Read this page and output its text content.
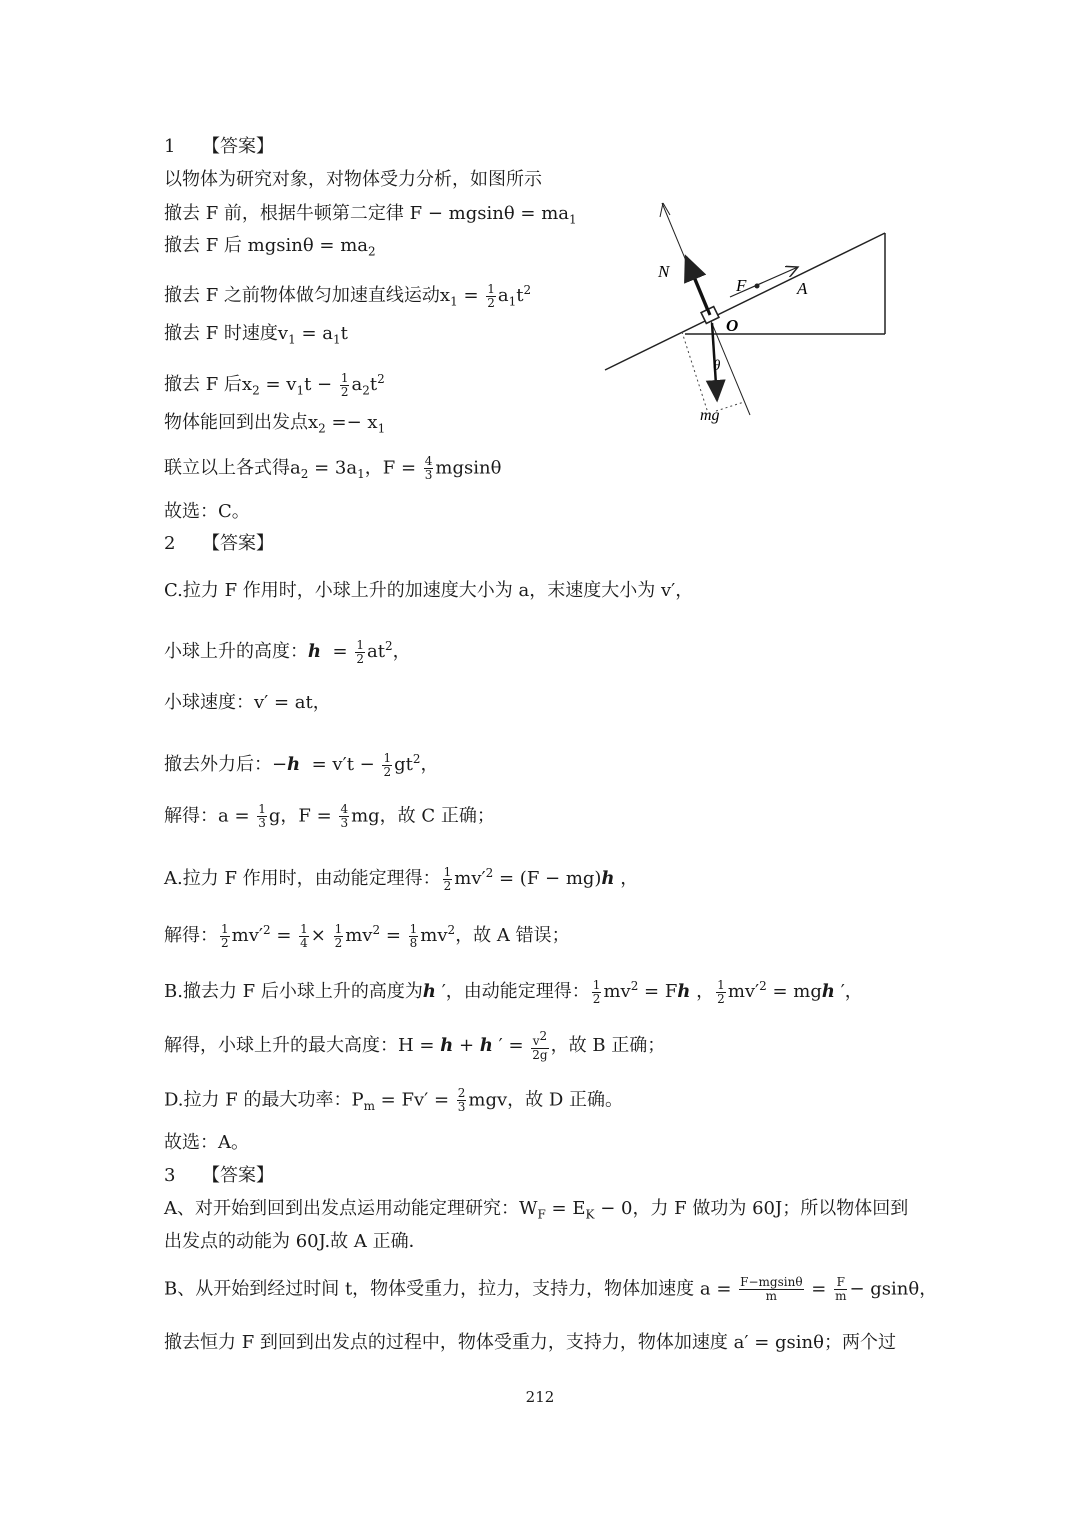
1 【答案】
以物体为研究对象，对物体受力分析，如图所示
撤去 F 前，根据牛顿第二定律 $F - mgsin\theta = ma_1$
撤去 F 后 $mgsin\theta = ma_2$
撤去 F 之前物体做匀加速直线运动$x_1 = \frac{1}{2} a_1t^2$
撤去 F 时速度$v_1 = a_1t$
撤去 F 后$x_2 = v_1t - \frac{1}{2} a_2t^2$
物体能回到出发点$x_2 =- x_1$
联立以上各式得$a_2 = 3a_1$，$F = \frac{4}{3}$ mgsinθ
故选：C。
N
F	A
O
θ
mg
2 【答案】
C.拉力 F 作用时，小球上升的加速度大小为 a，末速度大小为 v′，
小球上升的高度：ℎ  = $\frac{1}{2} at^2$，
小球速度：v′ = at，
撤去外力后：−ℎ  = $v't - \frac{1}{2} gt^2$，
解得：$a = \frac{1}{3}$ g，$F = \frac{4}{3}$ mg，故 C 正确；
A.拉力 F 作用时，由动能定理得： $\frac{1}{2} mv'^2 = (F$ − mg)ℎ ，
解得： $\frac{1}{2} mv'^2 = \frac{1}{4} \times \frac{1}{2} mv^2 = \frac{1}{8} mv^2$，故 A 错误；
B.撤去力 F 后小球上升的高度为ℎ ′，由动能定理得： $\frac{1}{2} mv^2$ = Fℎ ， $\frac{1}{2} mv'^2$ = mgℎ ′，
解得，小球上升的最大高度：H = ℎ + ℎ ′ = $\frac{v^2}{2g}$ ，故 B 正确；
D.拉力 F 的最大功率：$P_m = Fv' = \frac{2}{3}$ mgv，故 D 正确。
故选：A。
3 【答案】
A、对开始到回到出发点运用动能定理研究：$W_F = E_K - 0$，力 F 做功为 60J；所以物体回到
出发点的动能为 60J.故 A 正确．
B、从开始到经过时间 t，物体受重力，拉力，支持力，物体加速度 $a = \frac{F-mgsin\theta}{m} = \frac{F}{m} - gsin\theta$，
撤去恒力 F 到回到出发点的过程中，物体受重力，支持力，物体加速度 a′ = gsinθ；两个过
212
